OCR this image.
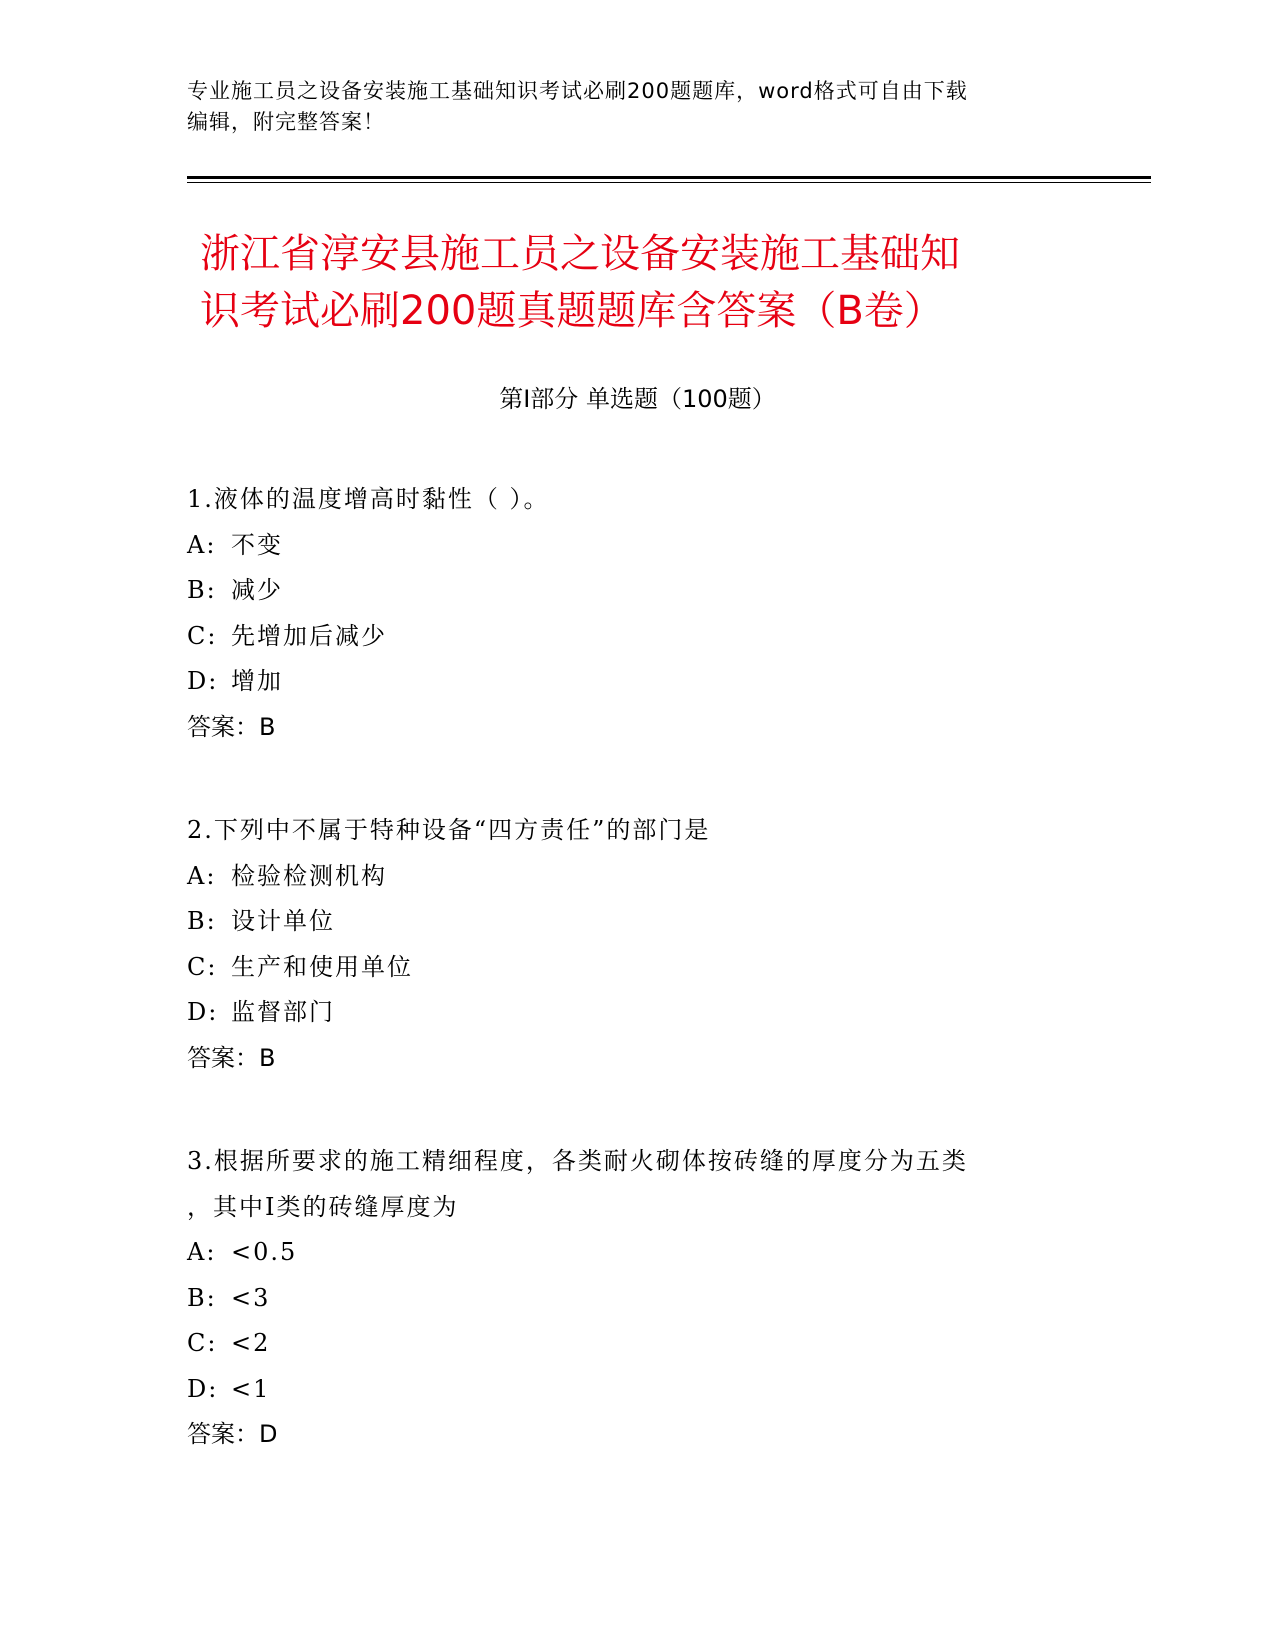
专业施工员之设备安装施工基础知识考试必刷200题题库，word格式可自由下载
编辑，附完整答案！
浙江省淳安县施工员之设备安装施工基础知
识考试必刷200题真题题库含答案（B卷）
第Ⅰ部分 单选题（100题）
1.液体的温度增高时黏性（ ）。
A: 不变
B: 减少
C: 先增加后减少
D: 增加
答案：B
2.下列中不属于特种设备“四方责任”的部门是
A: 检验检测机构
B: 设计单位
C: 生产和使用单位
D: 监督部门
答案：B
3.根据所要求的施工精细程度，各类耐火砌体按砖缝的厚度分为五类
，其中Ⅰ类的砖缝厚度为
A: <0.5
B: <3
C: <2
D: <1
答案：D
